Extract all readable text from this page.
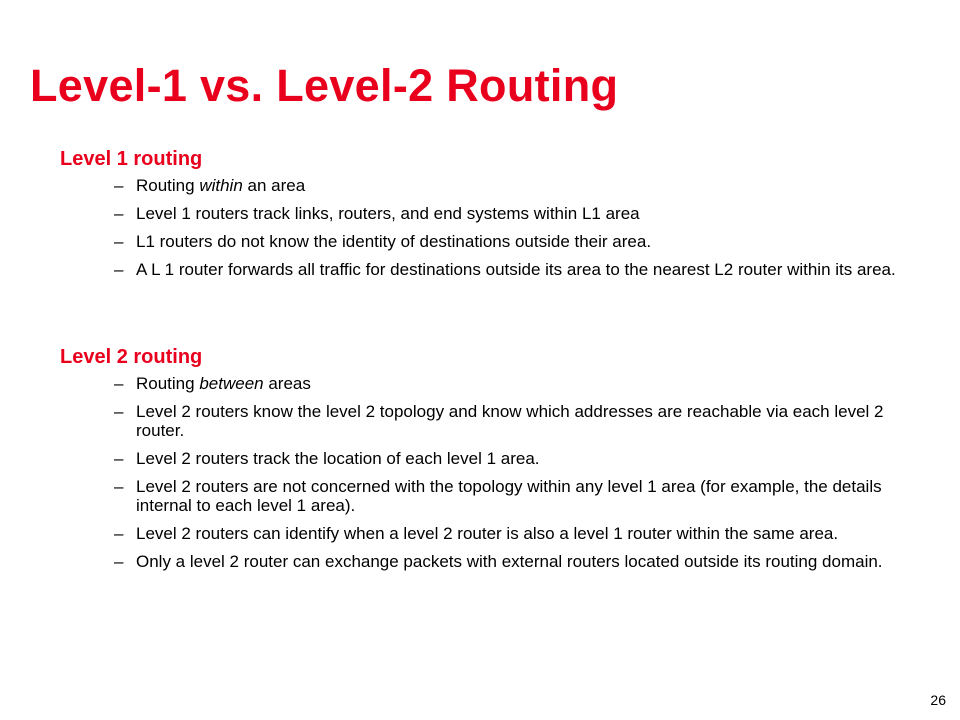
Level-1 vs. Level-2 Routing
Level 1 routing
– Routing within an area
– Level 1 routers track links, routers, and end systems within L1 area
– L1 routers do not know the identity of destinations outside their area.
– A L 1 router forwards all traffic for destinations outside its area to the nearest L2 router within its area.
Level 2 routing
– Routing between areas
– Level 2 routers know the level 2 topology and know which addresses are reachable via each level 2 router.
– Level 2 routers track the location of each level 1 area.
– Level 2 routers are not concerned with the topology within any level 1 area (for example, the details internal to each level 1 area).
– Level 2 routers can identify when a level 2 router is also a level 1 router within the same area.
– Only a level 2 router can exchange packets with external routers located outside its routing domain.
26
